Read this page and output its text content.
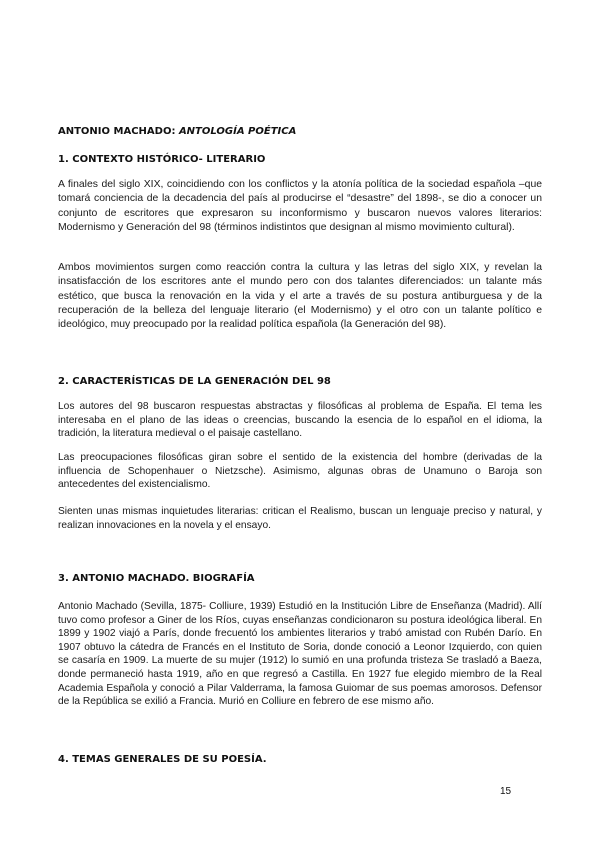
ANTONIO MACHADO: ANTOLOGÍA POÉTICA
1. CONTEXTO HISTÓRICO- LITERARIO

A finales del siglo XIX, coincidiendo con los conflictos y la atonía política de la sociedad española –que tomará conciencia de la decadencia del país al producirse el “desastre” del 1898-, se dio a conocer un conjunto de escritores que expresaron su inconformismo y buscaron nuevos valores literarios: Modernismo y Generación del 98 (términos indistintos que designan al mismo movimiento cultural).

Ambos movimientos surgen como reacción contra la cultura y las letras del siglo XIX, y revelan la insatisfacción de los escritores ante el mundo pero con dos talantes diferenciados: un talante más estético, que busca la renovación en la vida y el arte a través de su postura antiburguesa y de la recuperación de la belleza del lenguaje literario (el Modernismo) y el otro con un talante político e ideológico, muy preocupado por la realidad política española (la Generación del 98).

2. CARACTERÍSTICAS DE LA GENERACIÓN DEL 98

Los autores del 98 buscaron respuestas abstractas y filosóficas al problema de España. El tema les interesaba en el plano de las ideas o creencias, buscando la esencia de lo español en el idioma, la tradición, la literatura medieval o el paisaje castellano.

Las preocupaciones filosóficas giran sobre el sentido de la existencia del hombre (derivadas de la influencia de Schopenhauer o Nietzsche). Asimismo, algunas obras de Unamuno o Baroja son antecedentes del existencialismo.

Sienten unas mismas inquietudes literarias: critican el Realismo, buscan un lenguaje preciso y natural, y realizan innovaciones en la novela y el ensayo.

3. ANTONIO MACHADO. BIOGRAFÍA

Antonio Machado (Sevilla, 1875- Colliure, 1939) Estudió en la Institución Libre de Enseñanza (Madrid). Allí tuvo como profesor a Giner de los Ríos, cuyas enseñanzas condicionaron su postura ideológica liberal. En 1899 y 1902 viajó a París, donde frecuentó los ambientes literarios y trabó amistad con Rubén Darío. En 1907 obtuvo la cátedra de Francés en el Instituto de Soria, donde conoció a Leonor Izquierdo, con quien se casaría en 1909. La muerte de su mujer (1912) lo sumió en una profunda tristeza Se trasladó a Baeza, donde permaneció hasta 1919, año en que regresó a Castilla. En 1927 fue elegido miembro de la Real Academia Española y conoció a Pilar Valderrama, la famosa Guiomar de sus poemas amorosos. Defensor de la República se exilió a Francia. Murió en Colliure en febrero de ese mismo año.

4. TEMAS GENERALES DE SU POESÍA.
15
